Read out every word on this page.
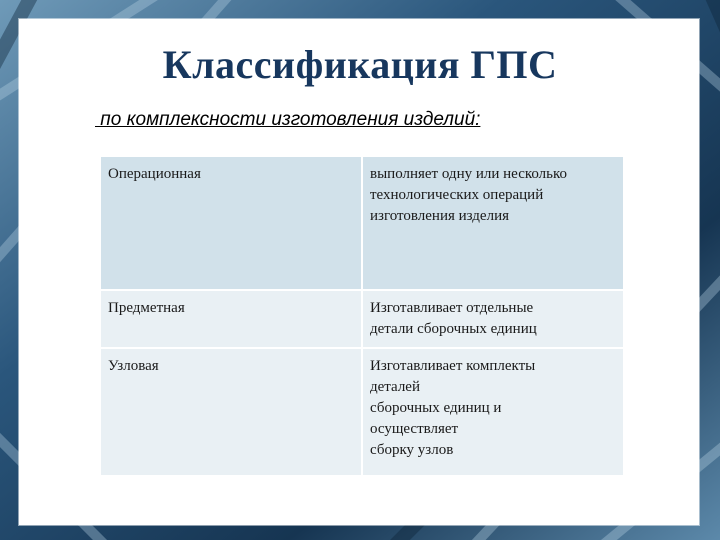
Классификация ГПС
по комплексности изготовления изделий:
Операционная	выполняет одну или несколько
технологических операций
изготовления изделия
Предметная	Изготавливает отдельные
детали сборочных единиц
Узловая	Изготавливает комплекты
деталей
сборочных единиц и
осуществляет
сборку узлов
